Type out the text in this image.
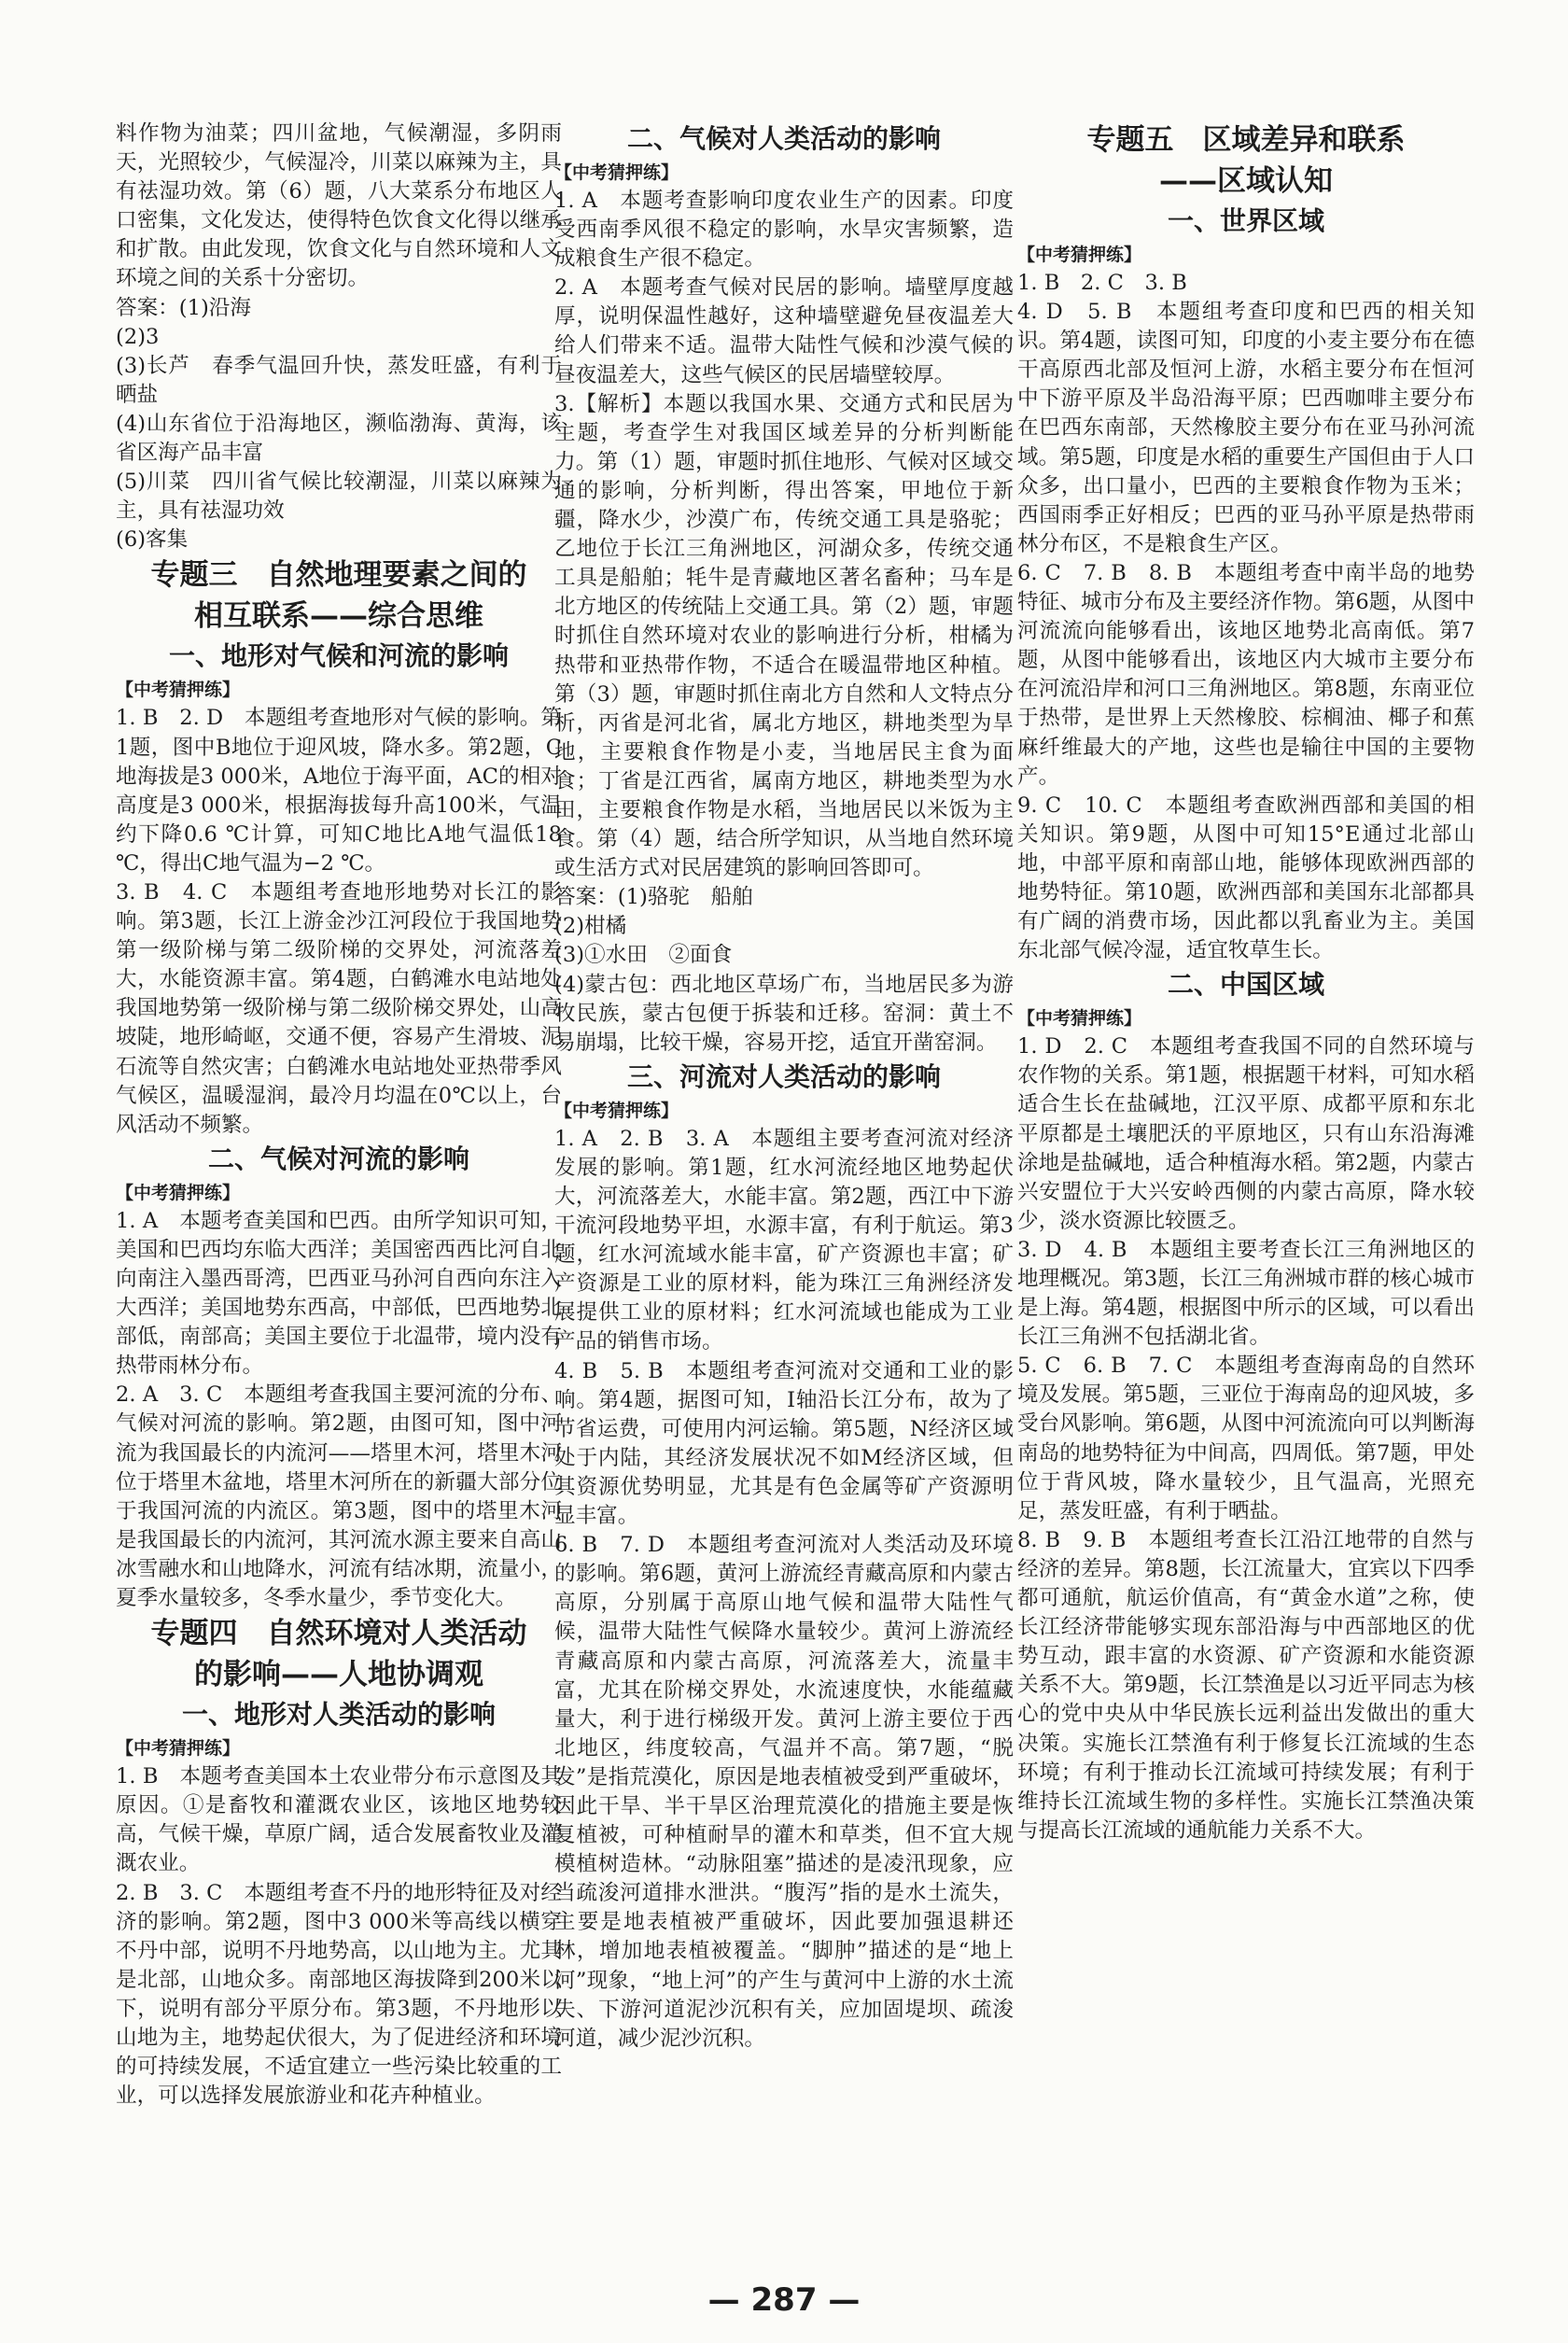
料作物为油菜；四川盆地，气候潮湿，多阴雨天，光照较少，气候湿冷，川菜以麻辣为主，具有祛湿功效。第（6）题，八大菜系分布地区人口密集，文化发达，使得特色饮食文化得以继承和扩散。由此发现，饮食文化与自然环境和人文环境之间的关系十分密切。
答案：(1)沿海
(2)3
(3)长芦　春季气温回升快，蒸发旺盛，有利于晒盐
(4)山东省位于沿海地区，濒临渤海、黄海，该省区海产品丰富
(5)川菜　四川省气候比较潮湿，川菜以麻辣为主，具有祛湿功效
(6)客集
专题三　自然地理要素之间的
相互联系——综合思维
一、地形对气候和河流的影响
【中考猜押练】
1. B　2. D　本题组考查地形对气候的影响。第1题，图中B地位于迎风坡，降水多。第2题，C地海拔是3 000米，A地位于海平面，AC的相对高度是3 000米，根据海拔每升高100米，气温约下降0.6 ℃计算，可知C地比A地气温低18 ℃，得出C地气温为−2 ℃。
3. B　4. C　本题组考查地形地势对长江的影响。第3题，长江上游金沙江河段位于我国地势第一级阶梯与第二级阶梯的交界处，河流落差大，水能资源丰富。第4题，白鹤滩水电站地处我国地势第一级阶梯与第二级阶梯交界处，山高坡陡，地形崎岖，交通不便，容易产生滑坡、泥石流等自然灾害；白鹤滩水电站地处亚热带季风气候区，温暖湿润，最冷月均温在0℃以上，台风活动不频繁。
二、气候对河流的影响
【中考猜押练】
1. A　本题考查美国和巴西。由所学知识可知，美国和巴西均东临大西洋；美国密西西比河自北向南注入墨西哥湾，巴西亚马孙河自西向东注入大西洋；美国地势东西高，中部低，巴西地势北部低，南部高；美国主要位于北温带，境内没有热带雨林分布。
2. A　3. C　本题组考查我国主要河流的分布、气候对河流的影响。第2题，由图可知，图中河流为我国最长的内流河——塔里木河，塔里木河位于塔里木盆地，塔里木河所在的新疆大部分位于我国河流的内流区。第3题，图中的塔里木河是我国最长的内流河，其河流水源主要来自高山冰雪融水和山地降水，河流有结冰期，流量小，夏季水量较多，冬季水量少，季节变化大。
专题四　自然环境对人类活动
的影响——人地协调观
一、地形对人类活动的影响
【中考猜押练】
1. B　本题考查美国本土农业带分布示意图及其原因。①是畜牧和灌溉农业区，该地区地势较高，气候干燥，草原广阔，适合发展畜牧业及灌溉农业。
2. B　3. C　本题组考查不丹的地形特征及对经济的影响。第2题，图中3 000米等高线以横穿不丹中部，说明不丹地势高，以山地为主。尤其是北部，山地众多。南部地区海拔降到200米以下，说明有部分平原分布。第3题，不丹地形以山地为主，地势起伏很大，为了促进经济和环境的可持续发展，不适宜建立一些污染比较重的工业，可以选择发展旅游业和花卉种植业。
二、气候对人类活动的影响
【中考猜押练】
1. A　本题考查影响印度农业生产的因素。印度受西南季风很不稳定的影响，水旱灾害频繁，造成粮食生产很不稳定。
2. A　本题考查气候对民居的影响。墙壁厚度越厚，说明保温性越好，这种墙壁避免昼夜温差大给人们带来不适。温带大陆性气候和沙漠气候的昼夜温差大，这些气候区的民居墙壁较厚。
3.【解析】本题以我国水果、交通方式和民居为主题，考查学生对我国区域差异的分析判断能力。第（1）题，审题时抓住地形、气候对区域交通的影响，分析判断，得出答案，甲地位于新疆，降水少，沙漠广布，传统交通工具是骆驼；乙地位于长江三角洲地区，河湖众多，传统交通工具是船舶；牦牛是青藏地区著名畜种；马车是北方地区的传统陆上交通工具。第（2）题，审题时抓住自然环境对农业的影响进行分析，柑橘为热带和亚热带作物，不适合在暖温带地区种植。第（3）题，审题时抓住南北方自然和人文特点分析，丙省是河北省，属北方地区，耕地类型为旱地，主要粮食作物是小麦，当地居民主食为面食；丁省是江西省，属南方地区，耕地类型为水田，主要粮食作物是水稻，当地居民以米饭为主食。第（4）题，结合所学知识，从当地自然环境或生活方式对民居建筑的影响回答即可。
答案：(1)骆驼　船舶
(2)柑橘
(3)①水田　②面食
(4)蒙古包：西北地区草场广布，当地居民多为游牧民族，蒙古包便于拆装和迁移。窑洞：黄土不易崩塌，比较干燥，容易开挖，适宜开凿窑洞。
三、河流对人类活动的影响
【中考猜押练】
1. A　2. B　3. A　本题组主要考查河流对经济发展的影响。第1题，红水河流经地区地势起伏大，河流落差大，水能丰富。第2题，西江中下游干流河段地势平坦，水源丰富，有利于航运。第3题，红水河流域水能丰富，矿产资源也丰富；矿产资源是工业的原材料，能为珠江三角洲经济发展提供工业的原材料；红水河流域也能成为工业产品的销售市场。
4. B　5. B　本题组考查河流对交通和工业的影响。第4题，据图可知，Ⅰ轴沿长江分布，故为了节省运费，可使用内河运输。第5题，N经济区域处于内陆，其经济发展状况不如M经济区域，但其资源优势明显，尤其是有色金属等矿产资源明显丰富。
6. B　7. D　本题组考查河流对人类活动及环境的影响。第6题，黄河上游流经青藏高原和内蒙古高原，分别属于高原山地气候和温带大陆性气候，温带大陆性气候降水量较少。黄河上游流经青藏高原和内蒙古高原，河流落差大，流量丰富，尤其在阶梯交界处，水流速度快，水能蕴藏量大，利于进行梯级开发。黄河上游主要位于西北地区，纬度较高，气温并不高。第7题，“脱发”是指荒漠化，原因是地表植被受到严重破坏，因此干旱、半干旱区治理荒漠化的措施主要是恢复植被，可种植耐旱的灌木和草类，但不宜大规模植树造林。“动脉阻塞”描述的是凌汛现象，应当疏浚河道排水泄洪。“腹泻”指的是水土流失，主要是地表植被严重破坏，因此要加强退耕还林，增加地表植被覆盖。“脚肿”描述的是“地上河”现象，“地上河”的产生与黄河中上游的水土流失、下游河道泥沙沉积有关，应加固堤坝、疏浚河道，减少泥沙沉积。
专题五　区域差异和联系
——区域认知
一、世界区域
【中考猜押练】
1. B　2. C　3. B
4. D　5. B　本题组考查印度和巴西的相关知识。第4题，读图可知，印度的小麦主要分布在德干高原西北部及恒河上游，水稻主要分布在恒河中下游平原及半岛沿海平原；巴西咖啡主要分布在巴西东南部，天然橡胶主要分布在亚马孙河流域。第5题，印度是水稻的重要生产国但由于人口众多，出口量小，巴西的主要粮食作物为玉米；西国雨季正好相反；巴西的亚马孙平原是热带雨林分布区，不是粮食生产区。
6. C　7. B　8. B　本题组考查中南半岛的地势特征、城市分布及主要经济作物。第6题，从图中河流流向能够看出，该地区地势北高南低。第7题，从图中能够看出，该地区内大城市主要分布在河流沿岸和河口三角洲地区。第8题，东南亚位于热带，是世界上天然橡胶、棕榈油、椰子和蕉麻纤维最大的产地，这些也是输往中国的主要物产。
9. C　10. C　本题组考查欧洲西部和美国的相关知识。第9题，从图中可知15°E通过北部山地，中部平原和南部山地，能够体现欧洲西部的地势特征。第10题，欧洲西部和美国东北部都具有广阔的消费市场，因此都以乳畜业为主。美国东北部气候冷湿，适宜牧草生长。
二、中国区域
【中考猜押练】
1. D　2. C　本题组考查我国不同的自然环境与农作物的关系。第1题，根据题干材料，可知水稻适合生长在盐碱地，江汉平原、成都平原和东北平原都是土壤肥沃的平原地区，只有山东沿海滩涂地是盐碱地，适合种植海水稻。第2题，内蒙古兴安盟位于大兴安岭西侧的内蒙古高原，降水较少，淡水资源比较匮乏。
3. D　4. B　本题组主要考查长江三角洲地区的地理概况。第3题，长江三角洲城市群的核心城市是上海。第4题，根据图中所示的区域，可以看出长江三角洲不包括湖北省。
5. C　6. B　7. C　本题组考查海南岛的自然环境及发展。第5题，三亚位于海南岛的迎风坡，多受台风影响。第6题，从图中河流流向可以判断海南岛的地势特征为中间高，四周低。第7题，甲处位于背风坡，降水量较少，且气温高，光照充足，蒸发旺盛，有利于晒盐。
8. B　9. B　本题组考查长江沿江地带的自然与经济的差异。第8题，长江流量大，宜宾以下四季都可通航，航运价值高，有“黄金水道”之称，使长江经济带能够实现东部沿海与中西部地区的优势互动，跟丰富的水资源、矿产资源和水能资源关系不大。第9题，长江禁渔是以习近平同志为核心的党中央从中华民族长远利益出发做出的重大决策。实施长江禁渔有利于修复长江流域的生态环境；有利于推动长江流域可持续发展；有利于维持长江流域生物的多样性。实施长江禁渔决策与提高长江流域的通航能力关系不大。
— 287 —
